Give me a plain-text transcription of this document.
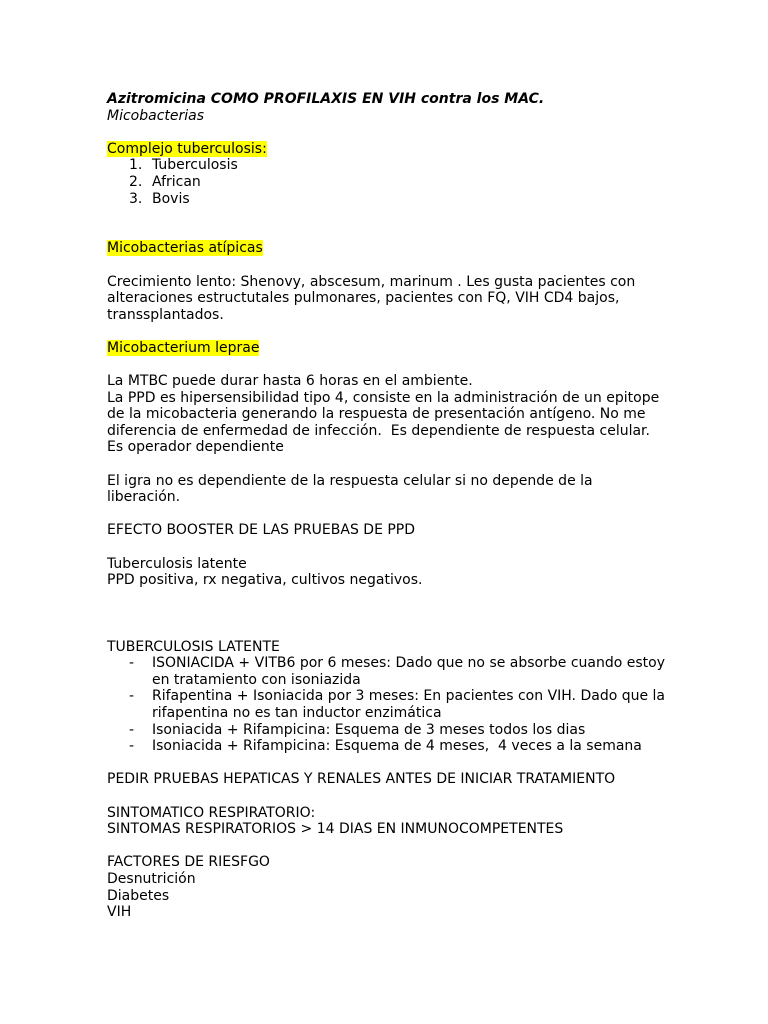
Azitromicina COMO PROFILAXIS EN VIH contra los MAC.
Micobacterias
Complejo tuberculosis:
1. Tuberculosis
2. African
3. Bovis
Micobacterias atípicas
Crecimiento lento: Shenovy, abscesum, marinum . Les gusta pacientes con
alteraciones estructutales pulmonares, pacientes con FQ, VIH CD4 bajos,
transsplantados.
Micobacterium leprae
La MTBC puede durar hasta 6 horas en el ambiente.
La PPD es hipersensibilidad tipo 4, consiste en la administración de un epitope
de la micobacteria generando la respuesta de presentación antígeno. No me
diferencia de enfermedad de infección.  Es dependiente de respuesta celular.
Es operador dependiente
El igra no es dependiente de la respuesta celular si no depende de la
liberación.
EFECTO BOOSTER DE LAS PRUEBAS DE PPD
Tuberculosis latente
PPD positiva, rx negativa, cultivos negativos.
TUBERCULOSIS LATENTE
- ISONIACIDA + VITB6 por 6 meses: Dado que no se absorbe cuando estoy
en tratamiento con isoniazida
- Rifapentina + Isoniacida por 3 meses: En pacientes con VIH. Dado que la
rifapentina no es tan inductor enzimática
- Isoniacida + Rifampicina: Esquema de 3 meses todos los dias
- Isoniacida + Rifampicina: Esquema de 4 meses,  4 veces a la semana
PEDIR PRUEBAS HEPATICAS Y RENALES ANTES DE INICIAR TRATAMIENTO
SINTOMATICO RESPIRATORIO:
SINTOMAS RESPIRATORIOS > 14 DIAS EN INMUNOCOMPETENTES
FACTORES DE RIESFGO
Desnutrición
Diabetes
VIH
